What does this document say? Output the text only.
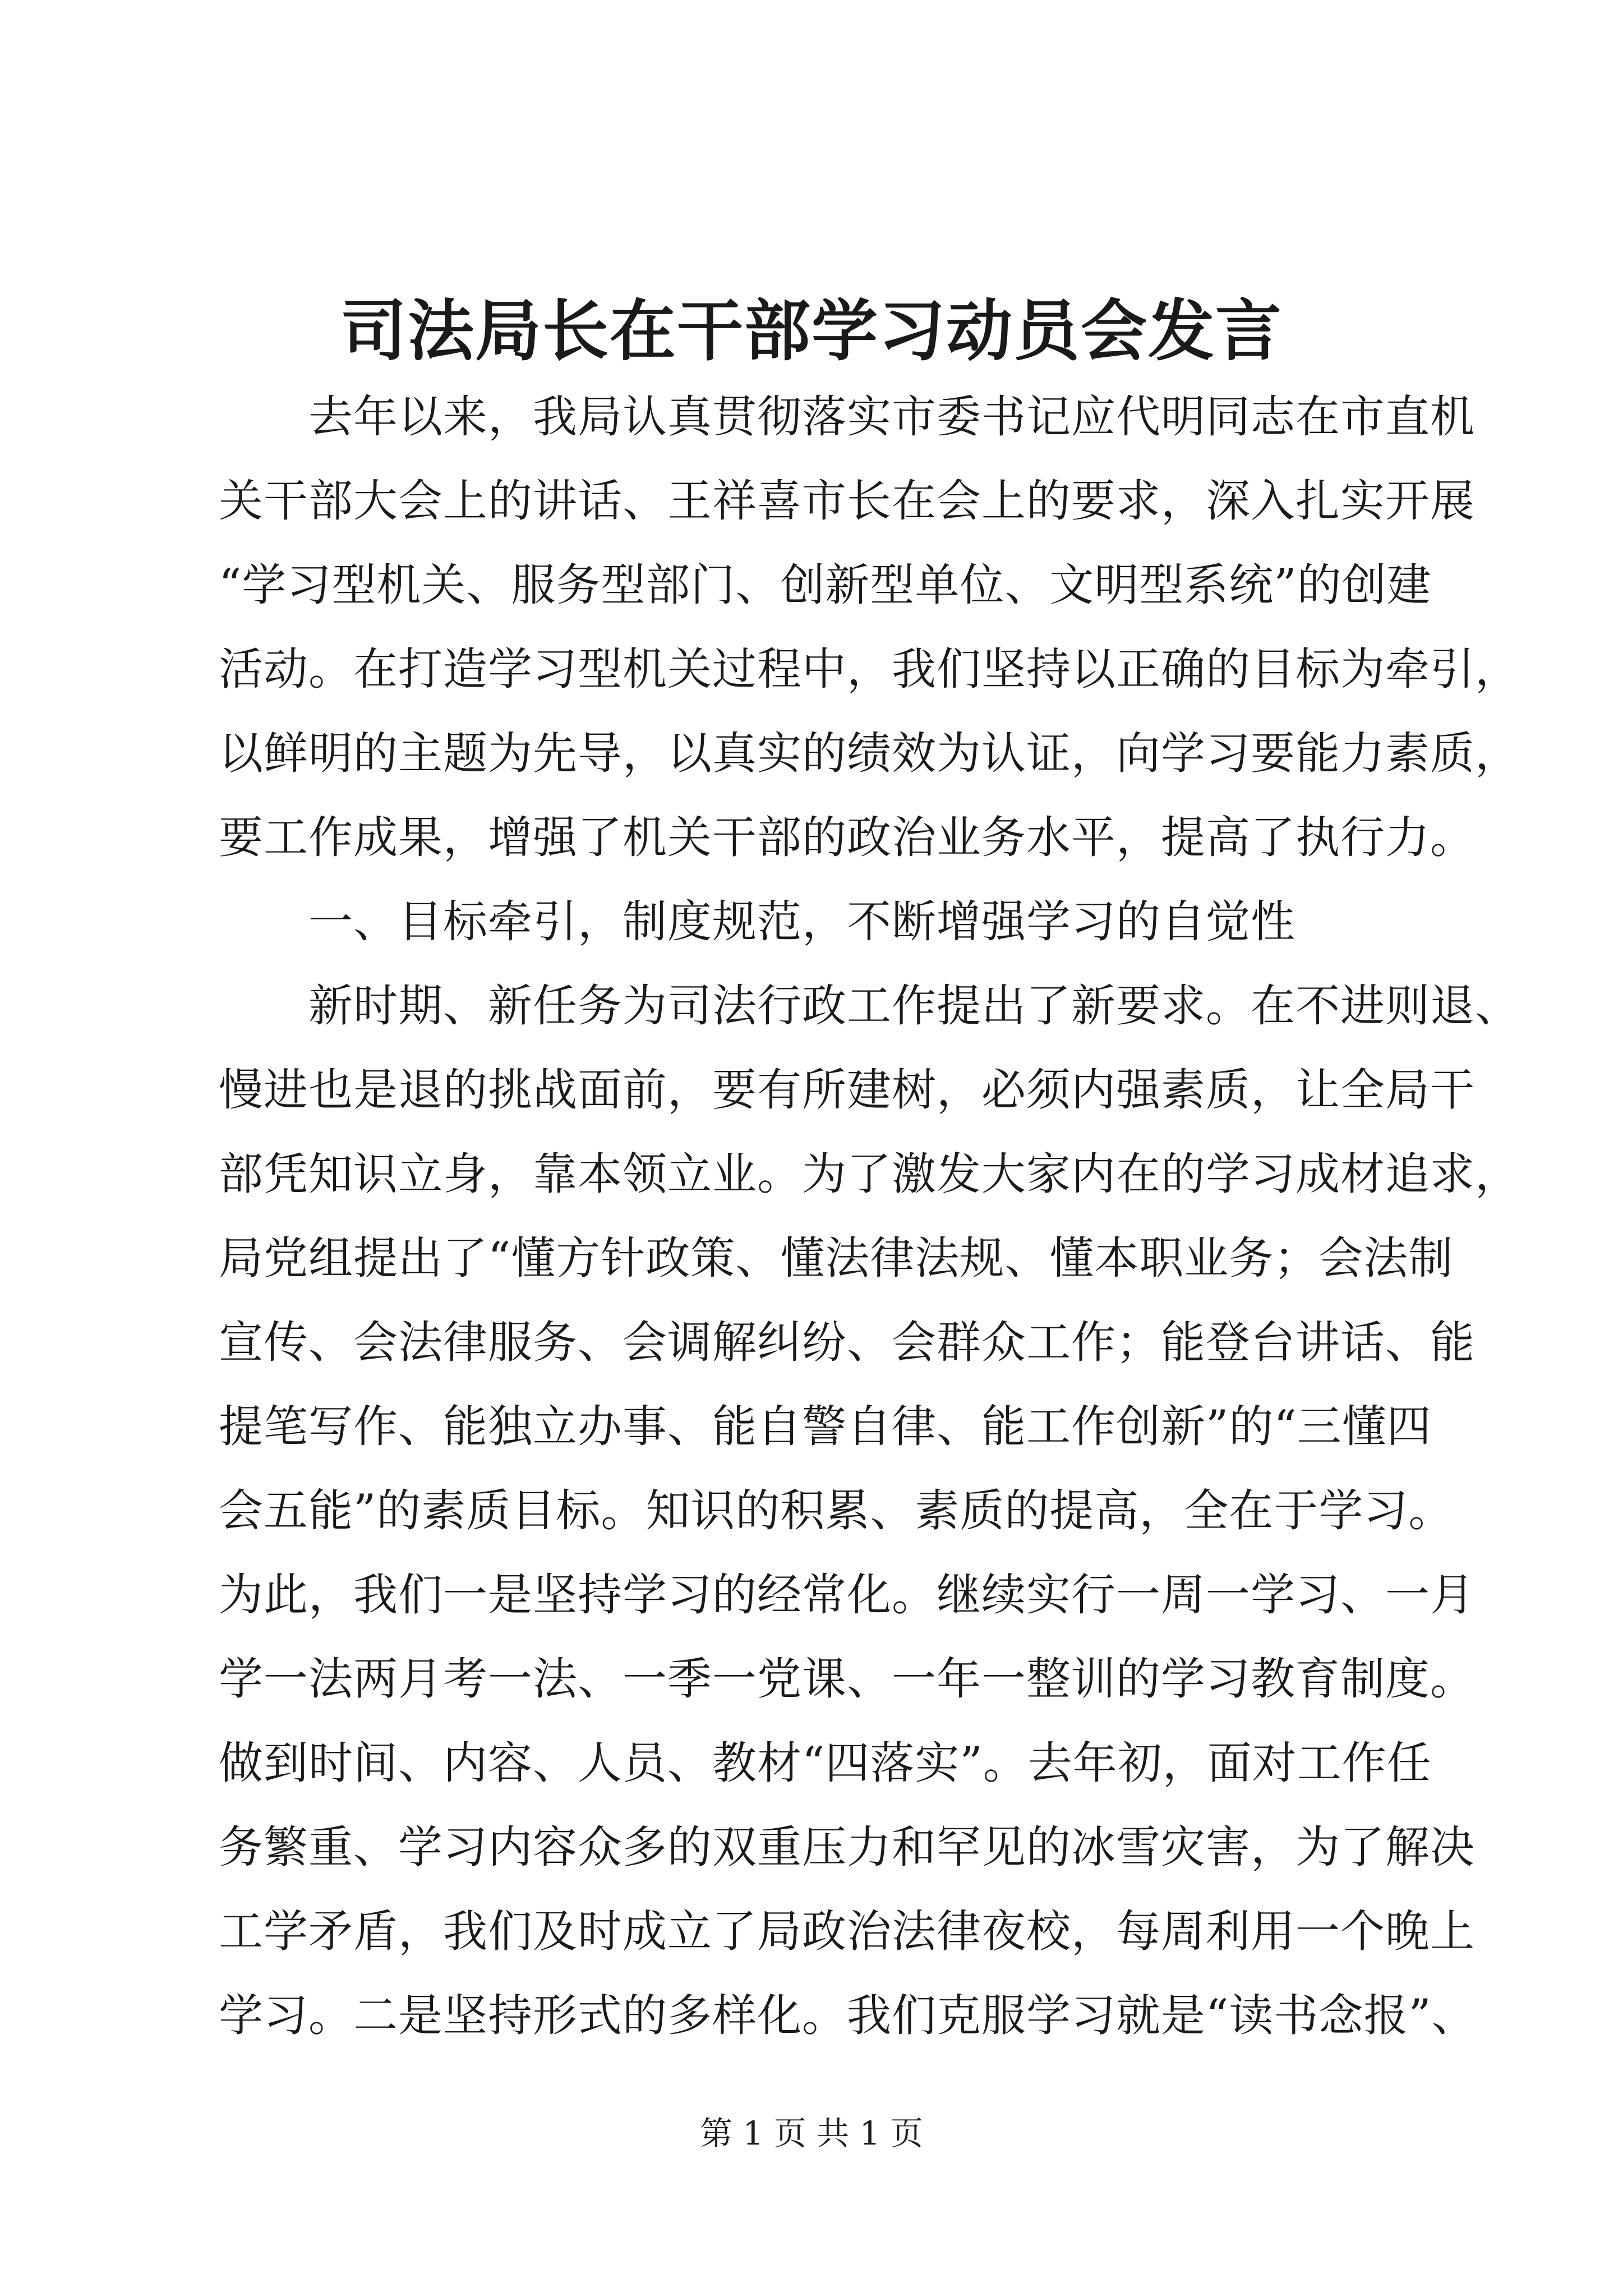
司法局长在干部学习动员会发言
去年以来，我局认真贯彻落实市委书记应代明同志在市直机
关干部大会上的讲话、王祥喜市长在会上的要求，深入扎实开展
“学习型机关、服务型部门、创新型单位、文明型系统”的创建
活动。在打造学习型机关过程中，我们坚持以正确的目标为牵引，
以鲜明的主题为先导，以真实的绩效为认证，向学习要能力素质，
要工作成果，增强了机关干部的政治业务水平，提高了执行力。
一、目标牵引，制度规范，不断增强学习的自觉性
新时期、新任务为司法行政工作提出了新要求。在不进则退、
慢进也是退的挑战面前，要有所建树，必须内强素质，让全局干
部凭知识立身，靠本领立业。为了激发大家内在的学习成材追求，
局党组提出了“懂方针政策、懂法律法规、懂本职业务；会法制
宣传、会法律服务、会调解纠纷、会群众工作；能登台讲话、能
提笔写作、能独立办事、能自警自律、能工作创新”的“三懂四
会五能”的素质目标。知识的积累、素质的提高，全在于学习。
为此，我们一是坚持学习的经常化。继续实行一周一学习、一月
学一法两月考一法、一季一党课、一年一整训的学习教育制度。
做到时间、内容、人员、教材“四落实”。去年初，面对工作任
务繁重、学习内容众多的双重压力和罕见的冰雪灾害，为了解决
工学矛盾，我们及时成立了局政治法律夜校，每周利用一个晚上
学习。二是坚持形式的多样化。我们克服学习就是“读书念报”、
第 1 页 共 1 页
